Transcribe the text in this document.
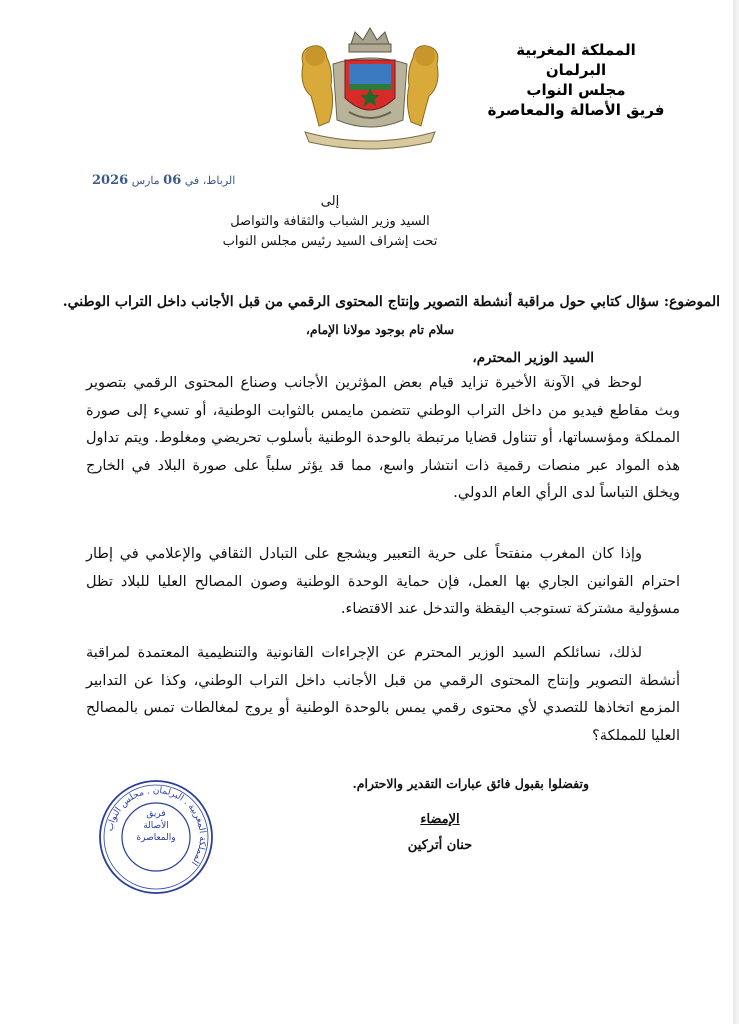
المملكة المغربية
البرلمان
مجلس النواب
فريق الأصالة والمعاصرة
الرباط، في 06 مارس 2026
إلى
السيد وزير الشباب والثقافة والتواصل
تحت إشراف السيد رئيس مجلس النواب
الموضوع: سؤال كتابي حول مراقبة أنشطة التصوير وإنتاج المحتوى الرقمي من قبل الأجانب داخل التراب الوطني.
سلام تام بوجود مولانا الإمام،
السيد الوزير المحترم،
لوحظ في الآونة الأخيرة تزايد قيام بعض المؤثرين الأجانب وصناع المحتوى الرقمي بتصوير وبث مقاطع فيديو من داخل التراب الوطني تتضمن مايمس بالثوابت الوطنية، أو تسيء إلى صورة المملكة ومؤسساتها، أو تتناول قضايا مرتبطة بالوحدة الوطنية بأسلوب تحريضي ومغلوط. ويتم تداول هذه المواد عبر منصات رقمية ذات انتشار واسع، مما قد يؤثر سلباً على صورة البلاد في الخارج ويخلق التباساً لدى الرأي العام الدولي.
وإذا كان المغرب منفتحاً على حرية التعبير ويشجع على التبادل الثقافي والإعلامي في إطار احترام القوانين الجاري بها العمل، فإن حماية الوحدة الوطنية وصون المصالح العليا للبلاد تظل مسؤولية مشتركة تستوجب اليقظة والتدخل عند الاقتضاء.
لذلك، نسائلكم السيد الوزير المحترم عن الإجراءات القانونية والتنظيمية المعتمدة لمراقبة أنشطة التصوير وإنتاج المحتوى الرقمي من قبل الأجانب داخل التراب الوطني، وكذا عن التدابير المزمع اتخاذها للتصدي لأي محتوى رقمي يمس بالوحدة الوطنية أو يروج لمغالطات تمس بالمصالح العليا للمملكة؟
وتفضلوا بقبول فائق عبارات التقدير والاحترام.
الإمضاء
حنان أتركين
المملكة المغربية . البرلمان . مجلس النواب
فريق
الأصالة
والمعاصرة
